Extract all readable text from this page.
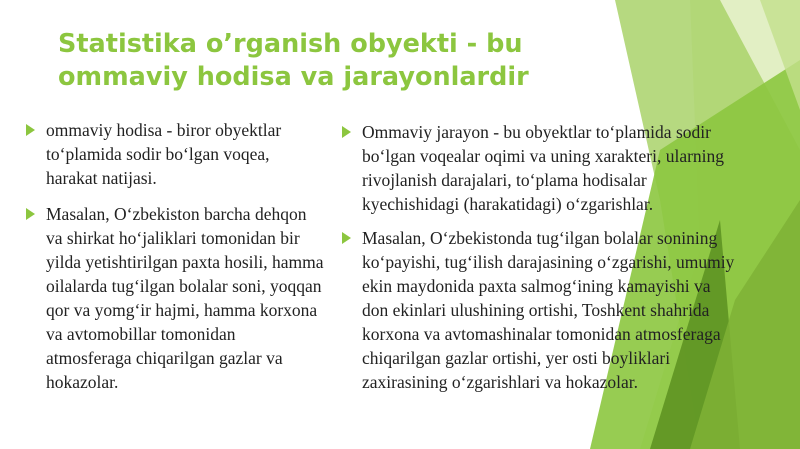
Statistika o’rganish obyekti - bu ommaviy hodisa va jarayonlardir
ommaviy hodisa - biror obyektlar to‘plamida sodir bo‘lgan voqea, harakat natijasi.
Masalan, O‘zbekiston barcha dehqon va shirkat ho‘jaliklari tomonidan bir yilda yetishtirilgan paxta hosili, hamma oilalarda tug‘ilgan bolalar soni, yoqqan qor va yomg‘ir hajmi, hamma korxona va avtomobillar tomonidan atmosferaga chiqarilgan gazlar va hokazolar.
Ommaviy jarayon - bu obyektlar to‘plamida sodir bo‘lgan voqealar oqimi va uning xarakteri, ularning rivojlanish darajalari, to‘plama hodisalar kyechishidagi (harakatidagi) o‘zgarishlar.
Masalan, O‘zbekistonda tug‘ilgan bolalar sonining ko‘payishi, tug‘ilish darajasining o‘zgarishi, umumiy ekin maydonida paxta salmog‘ining kamayishi va don ekinlari ulushining ortishi, Toshkent shahrida korxona va avtomashinalar tomonidan atmosferaga chiqarilgan gazlar ortishi, yer osti boyliklari zaxirasining o‘zgarishlari va hokazolar.
